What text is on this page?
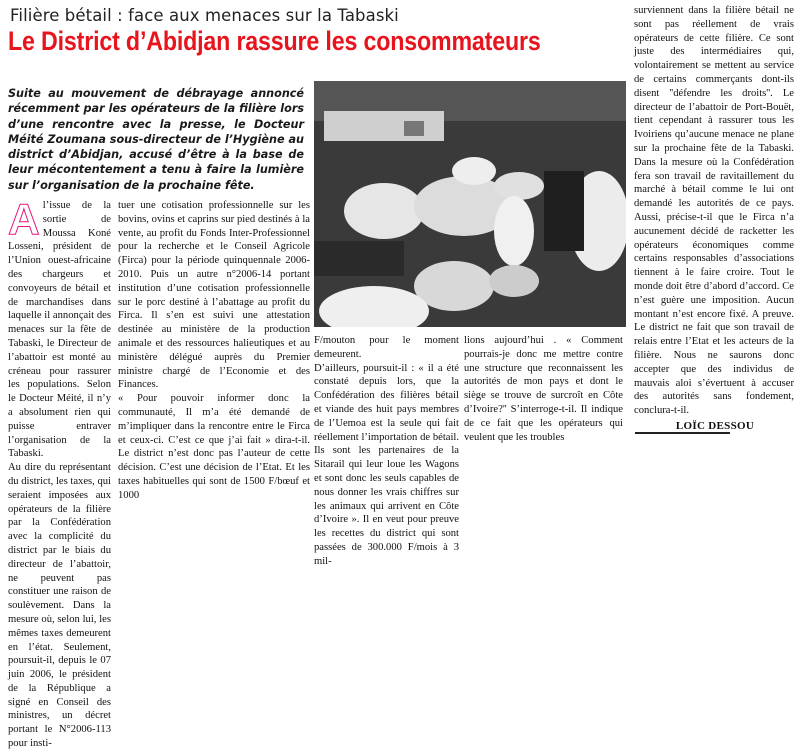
Filière bétail : face aux menaces sur la Tabaski
Le District d’Abidjan rassure les consommateurs
Suite au mouvement de débrayage annoncé récemment par les opérateurs de la filière lors d’une rencontre avec la presse, le Docteur Méité Zoumana sous-directeur de l’Hygiène au district d’Abidjan, accusé d’être à la base de leur mécontentement a tenu à faire la lumière sur l’organisation de la prochaine fête.

Al’issue de la sortie de Moussa Koné Losseni, président de l’Union ouest-africaine des chargeurs et convoyeurs de bétail et de marchandises dans laquelle il annonçait des menaces sur la fête de Tabaski, le Directeur de l’abattoir est monté au créneau pour rassurer les populations. Selon le Docteur Méité, il n’y a absolument rien qui puisse entraver l’organisation de la Tabaski.

Au dire du représentant du district, les taxes, qui seraient imposées aux opérateurs de la filière par la Confédération avec la complicité du district par le biais du directeur de l’abattoir, ne peuvent pas constituer une raison de soulèvement. Dans la mesure où, selon lui, les mêmes taxes demeurent en l’état. Seulement, poursuit-il, depuis le 07 juin 2006, le président de la République a signé en Conseil des ministres, un décret portant le N°2006-113 pour insti-

tuer une cotisation professionnelle sur les bovins, ovins et caprins sur pied destinés à la vente, au profit du Fonds Inter-Professionnel pour la recherche et le Conseil Agricole (Firca) pour la période quinquennale 2006-2010. Puis un autre n°2006-14 portant institution d’une cotisation professionnelle sur le porc destiné à l’abattage au profit du Firca. Il s’en est suivi une attestation destinée au ministère de la production animale et des ressources halieutiques et au ministère délégué auprès du Premier ministre chargé de l’Economie et des Finances.

« Pour pouvoir informer donc la communauté, Il m’a été demandé de m’impliquer dans la rencontre entre le Firca et ceux-ci. C’est ce que j’ai fait » dira-t-il. Le district n’est donc pas l’auteur de cette décision. C’est une décision de l’Etat. Et les taxes habituelles qui sont de 1500 F/bœuf et 1000

F/mouton pour le moment demeurent.

D’ailleurs, poursuit-il : « il a été constaté depuis lors, que la Confédération des filières bétail et viande des huit pays membres de l’Uemoa est la seule qui fait réellement l’importation de bétail. Ils sont les partenaires de la Sitarail qui leur loue les Wagons et sont donc les seuls capables de nous donner les vrais chiffres sur les animaux qui arrivent en Côte d’Ivoire ». Il en veut pour preuve les recettes du district qui sont passées de 300.000 F/mois à 3 mil-

lions aujourd’hui . « Comment pourrais-je donc me mettre contre une structure que reconnaissent les autorités de mon pays et dont le siège se trouve de surcroît en Côte d’Ivoire?'' S’interroge-t-il. Il indique de ce fait que les opérateurs qui veulent que les troubles

surviennent dans la filière bétail ne sont pas réellement de vrais opérateurs de cette filière. Ce sont juste des intermédiaires qui, volontairement se mettent au service de certains commerçants dont-ils disent ''défendre les droits''. Le directeur de l’abattoir de Port-Bouët, tient cependant à rassurer tous les Ivoiriens qu’aucune menace ne plane sur la prochaine fête de la Tabaski. Dans la mesure où la Confédération fera son travail de ravitaillement du marché à bétail comme le lui ont demandé les autorités de ce pays. Aussi, précise-t-il que le Firca n’a aucunement décidé de racketter les opérateurs économiques comme certains responsables d’associations tiennent à le faire croire. Tout le monde doit être d’abord d’accord. Ce n’est guère une imposition. Aucun montant n’est encore fixé. A preuve. Le district ne fait que son travail de relais entre l’Etat et les acteurs de la filière. Nous ne saurons donc accepter que des individus de mauvais aloi s’évertuent à accuser des autorités sans fondement, conclura-t-il.

LOÏC DESSOU
